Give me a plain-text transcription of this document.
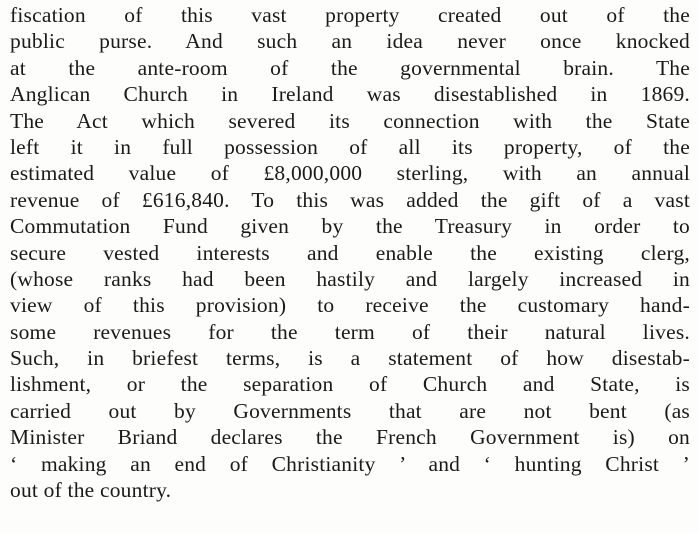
fiscation of this vast property created out of the
public purse. And such an idea never once knocked
at the ante-room of the governmental brain. The
Anglican Church in Ireland was disestablished in 1869.
The Act which severed its connection with the State
left it in full possession of all its property, of the
estimated value of £8,000,000 sterling, with an annual
revenue of £616,840. To this was added the gift of a vast
Commutation Fund given by the Treasury in order to
secure vested interests and enable the existing clerg,
(whose ranks had been hastily and largely increased in
view of this provision) to receive the customary hand-
some revenues for the term of their natural lives.
Such, in briefest terms, is a statement of how disestab-
lishment, or the separation of Church and State, is
carried out by Governments that are not bent (as
Minister Briand declares the French Government is) on
‘ making an end of Christianity ’ and ‘ hunting Christ ’
out of the country.
